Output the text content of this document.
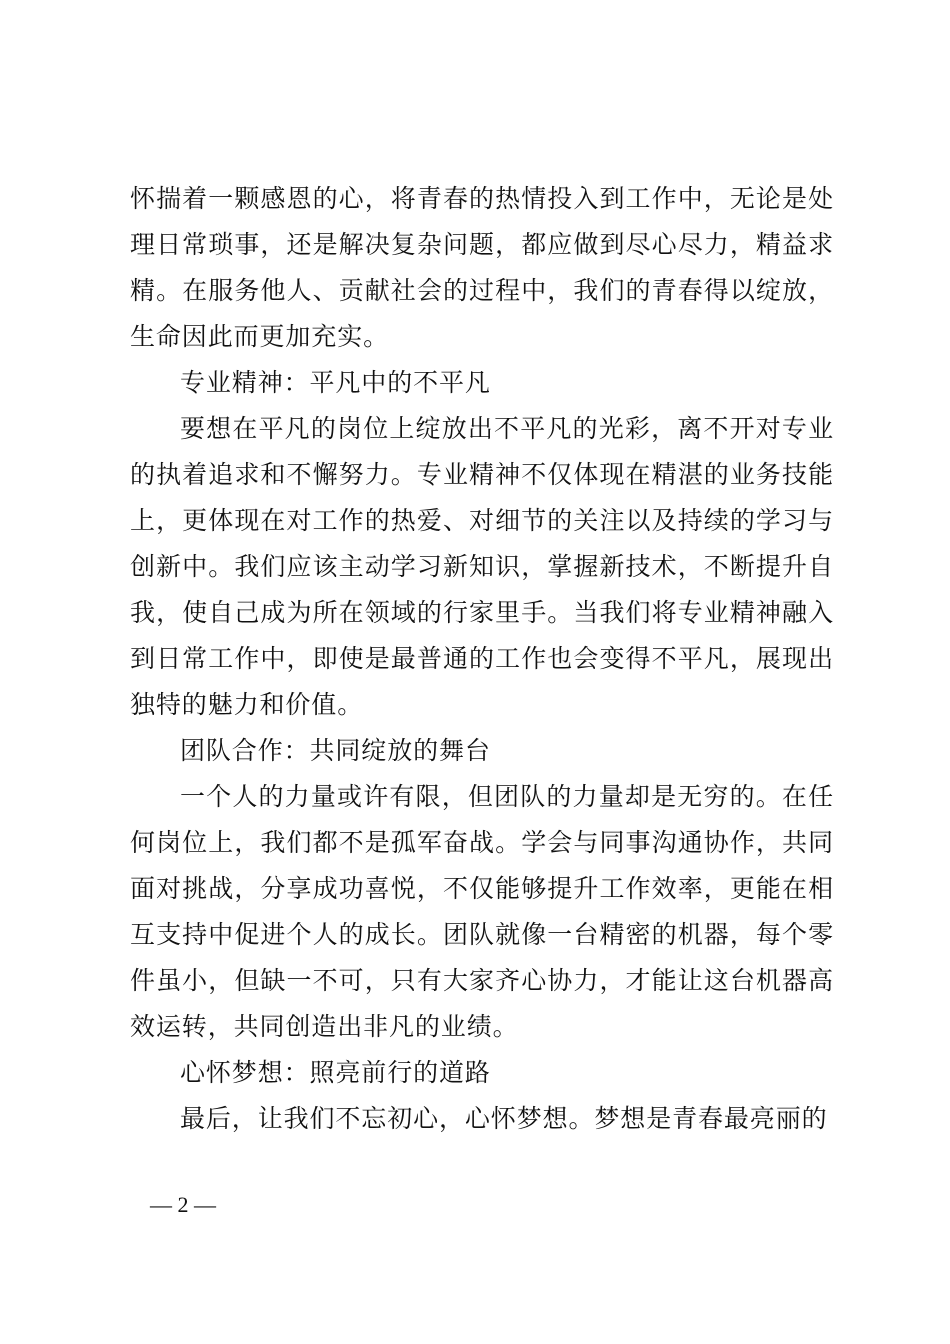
怀揣着一颗感恩的心，将青春的热情投入到工作中，无论是处理日常琐事，还是解决复杂问题，都应做到尽心尽力，精益求精。在服务他人、贡献社会的过程中，我们的青春得以绽放，生命因此而更加充实。

专业精神：平凡中的不平凡

要想在平凡的岗位上绽放出不平凡的光彩，离不开对专业的执着追求和不懈努力。专业精神不仅体现在精湛的业务技能上，更体现在对工作的热爱、对细节的关注以及持续的学习与创新中。我们应该主动学习新知识，掌握新技术，不断提升自我，使自己成为所在领域的行家里手。当我们将专业精神融入到日常工作中，即使是最普通的工作也会变得不平凡，展现出独特的魅力和价值。

团队合作：共同绽放的舞台

一个人的力量或许有限，但团队的力量却是无穷的。在任何岗位上，我们都不是孤军奋战。学会与同事沟通协作，共同面对挑战，分享成功喜悦，不仅能够提升工作效率，更能在相互支持中促进个人的成长。团队就像一台精密的机器，每个零件虽小，但缺一不可，只有大家齐心协力，才能让这台机器高效运转，共同创造出非凡的业绩。

心怀梦想：照亮前行的道路

最后，让我们不忘初心，心怀梦想。梦想是青春最亮丽的

— 2 —
